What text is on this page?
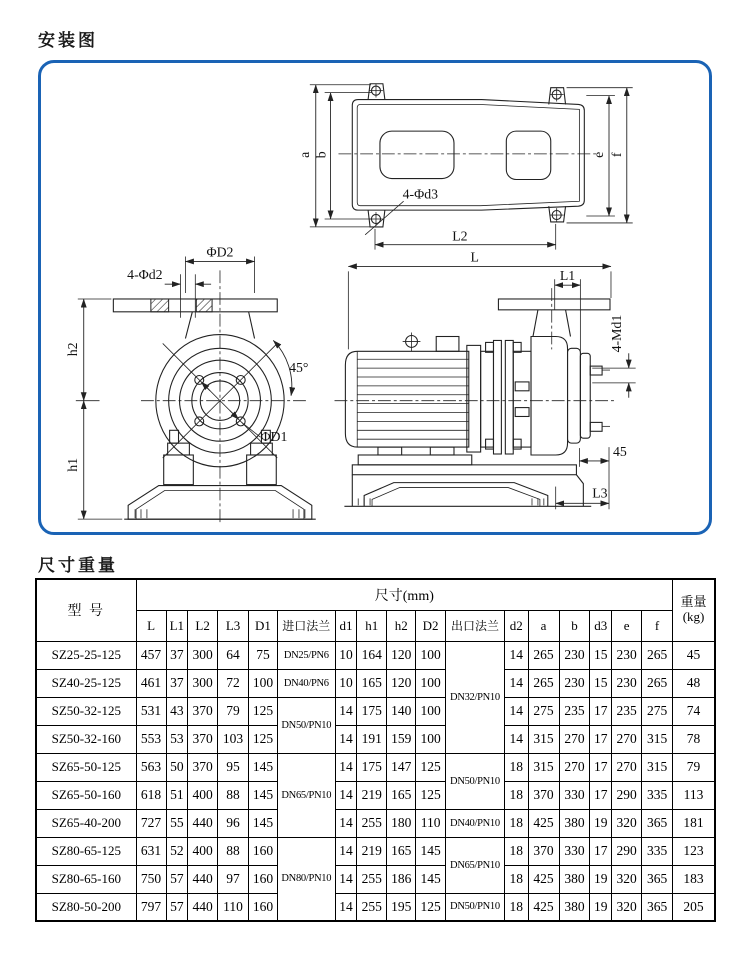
安装图
a b	e f
4-Φd3
L2
L
ΦD2
4-Φd2
h2
h1
45°
ΦD1
L1
4-Md1
45
L3
尺寸重量
型 号	尺寸(mm)																	重量
(kg)
	L	L1	L2	L3	D1	进口法兰	d1	h1	h2	D2	出口法兰	d2	a	b	d3	e	f	
SZ25-25-125	457	37	300	64	75	DN25/PN6	10	164	120	100	DN32/PN10	14	265	230	15	230	265	45
SZ40-25-125	461	37	300	72	100	DN40/PN6	10	165	120	100		14	265	230	15	230	265	48
SZ50-32-125	531	43	370	79	125	DN50/PN10	14	175	140	100		14	275	235	17	235	275	74
SZ50-32-160	553	53	370	103	125		14	191	159	100		14	315	270	17	270	315	78
SZ65-50-125	563	50	370	95	145	DN65/PN10	14	175	147	125	DN50/PN10	18	315	270	17	270	315	79
SZ65-50-160	618	51	400	88	145		14	219	165	125		18	370	330	17	290	335	113
SZ65-40-200	727	55	440	96	145		14	255	180	110	DN40/PN10	18	425	380	19	320	365	181
SZ80-65-125	631	52	400	88	160	DN80/PN10	14	219	165	145	DN65/PN10	18	370	330	17	290	335	123
SZ80-65-160	750	57	440	97	160		14	255	186	145		18	425	380	19	320	365	183
SZ80-50-200	797	57	440	110	160		14	255	195	125	DN50/PN10	18	425	380	19	320	365	205
